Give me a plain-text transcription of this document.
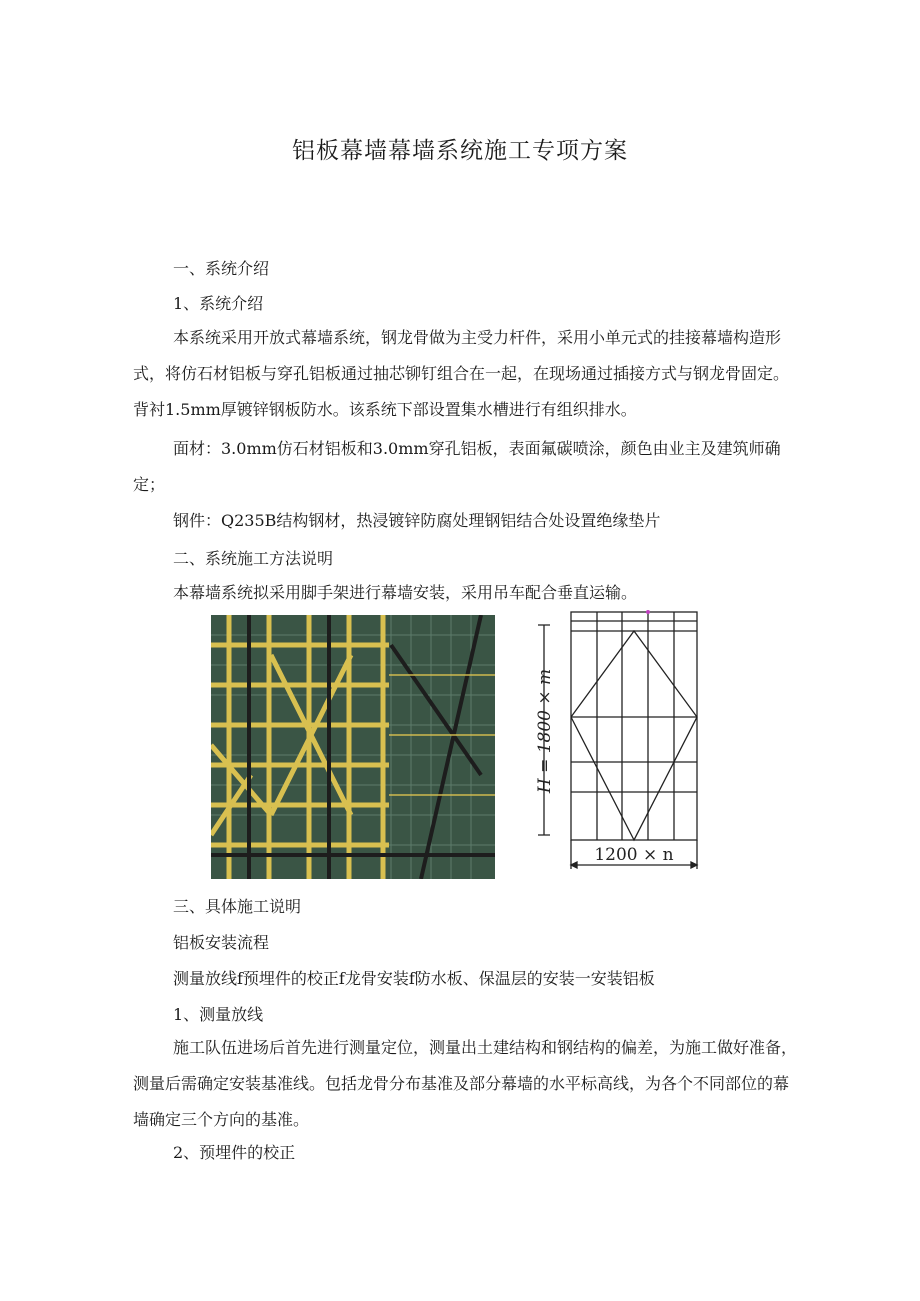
铝板幕墙幕墙系统施工专项方案
一、系统介绍
1、系统介绍

本系统采用开放式幕墙系统，钢龙骨做为主受力杆件，采用小单元式的挂接幕墙构造形式，将仿石材铝板与穿孔铝板通过抽芯铆钉组合在一起，在现场通过插接方式与钢龙骨固定。背衬1.5mm厚镀锌钢板防水。该系统下部设置集水槽进行有组织排水。

面材：3.0mm仿石材铝板和3.0mm穿孔铝板，表面氟碳喷涂，颜色由业主及建筑师确定；

钢件：Q235B结构钢材，热浸镀锌防腐处理钢铝结合处设置绝缘垫片

二、系统施工方法说明

本幕墙系统拟采用脚手架进行幕墙安装，采用吊车配合垂直运输。

H = 1800 × m
1200 × n
三、具体施工说明
铝板安装流程
测量放线f预埋件的校正f龙骨安装f防水板、保温层的安装一安装铝板
1、测量放线

施工队伍进场后首先进行测量定位，测量出土建结构和钢结构的偏差，为施工做好准备，测量后需确定安装基准线。包括龙骨分布基准及部分幕墙的水平标高线，为各个不同部位的幕墙确定三个方向的基准。

2、预埋件的校正
